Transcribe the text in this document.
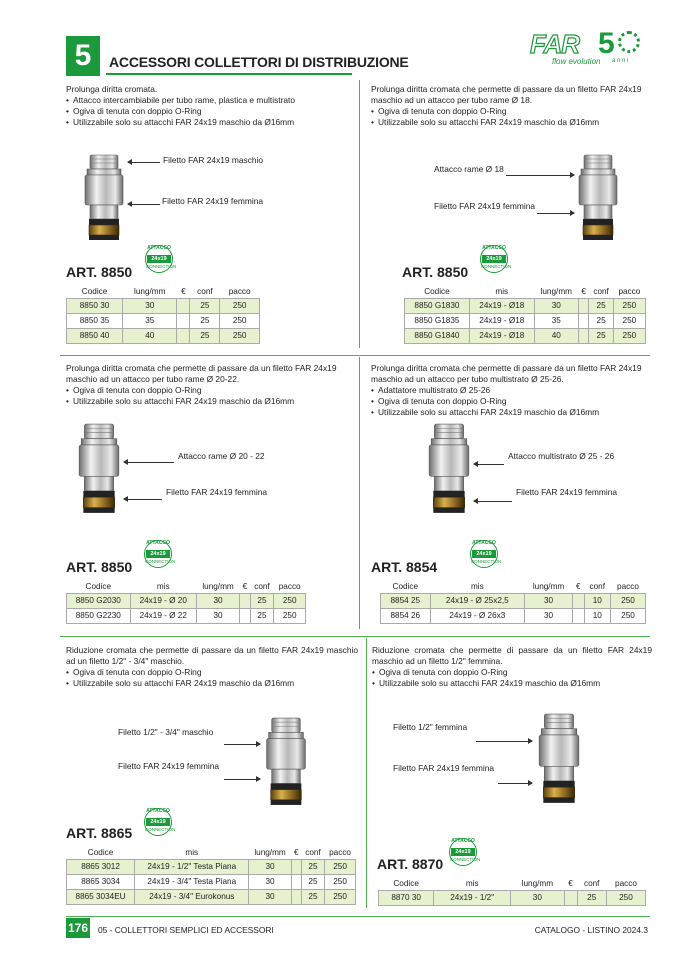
5	ACCESSORI COLLETTORI DI DISTRIBUZIONE
FAR 5
flow evolution a n n i
Prolunga diritta cromata.
• Attacco intercambiabile per tubo rame, plastica e multistrato
• Ogiva di tenuta con doppio O-Ring
• Utilizzabile solo su attacchi FAR 24x19 maschio da Ø16mm
Filetto FAR 24x19 maschio
Filetto FAR 24x19 femmina
ATTACCO
24x19
CONNECTION
ART. 8850
Codice	lung/mm	€	conf	pacco
8850 30	30		25	250
8850 35	35		25	250
8850 40	40		25	250
Prolunga diritta cromata che permette di passare da un filetto FAR 24x19 maschio ad un attacco per tubo rame Ø 18.
• Ogiva di tenuta con doppio O-Ring
• Utilizzabile solo su attacchi FAR 24x19 maschio da Ø16mm
Attacco rame Ø 18
Filetto FAR 24x19 femmina
ATTACCO
24x19
CONNECTION
ART. 8850
Codice	mis	lung/mm	€	conf	pacco
8850 G1830	24x19 - Ø18	30		25	250
8850 G1835	24x19 - Ø18	35		25	250
8850 G1840	24x19 - Ø18	40		25	250
Prolunga diritta cromata che permette di passare da un filetto FAR 24x19 maschio ad un attacco per tubo rame Ø 20-22.
• Ogiva di tenuta con doppio O-Ring
• Utilizzabile solo su attacchi FAR 24x19 maschio da Ø16mm
Attacco rame Ø 20 - 22
Filetto FAR 24x19 femmina
ATTACCO
24x19
CONNECTION
ART. 8850
Codice	mis	lung/mm	€	conf	pacco
8850 G2030	24x19 - Ø 20	30		25	250
8850 G2230	24x19 - Ø 22	30		25	250
Prolunga diritta cromata che permette di passare da un filetto FAR 24x19 maschio ad un attacco per tubo multistrato Ø 25-26.
• Adattatore multistrato Ø 25-26
• Ogiva di tenuta con doppio O-Ring
• Utilizzabile solo su attacchi FAR 24x19 maschio da Ø16mm
Attacco multistrato Ø 25 - 26
Filetto FAR 24x19 femmina
ATTACCO
24x19
CONNECTION
ART. 8854
Codice	mis	lung/mm	€	conf	pacco
8854 25	24x19 - Ø 25x2,5	30		10	250
8854 26	24x19 - Ø 26x3	30		10	250
Riduzione cromata che permette di passare da un filetto FAR 24x19 maschio ad un filetto 1/2" - 3/4" maschio.
• Ogiva di tenuta con doppio O-Ring
• Utilizzabile solo su attacchi FAR 24x19 maschio da Ø16mm
Filetto 1/2" - 3/4" maschio
Filetto FAR 24x19 femmina
ATTACCO
24x19
CONNECTION
ART. 8865
Codice	mis	lung/mm	€	conf	pacco
8865 3012	24x19 - 1/2" Testa Piana	30		25	250
8865 3034	24x19 - 3/4" Testa Piana	30		25	250
8865 3034EU	24x19 - 3/4" Eurokonus	30		25	250
Riduzione cromata che permette di passare da un filetto FAR 24x19 maschio ad un filetto 1/2" femmina.
• Ogiva di tenuta con doppio O-Ring
• Utilizzabile solo su attacchi FAR 24x19 maschio da Ø16mm
Filetto 1/2" femmina
Filetto FAR 24x19 femmina
ATTACCO
24x19
CONNECTION
ART. 8870
Codice	mis	lung/mm	€	conf	pacco
8870 30	24x19 - 1/2"	30		25	250
176 05 - COLLETTORI SEMPLICI ED ACCESSORI	CATALOGO - LISTINO 2024.3
